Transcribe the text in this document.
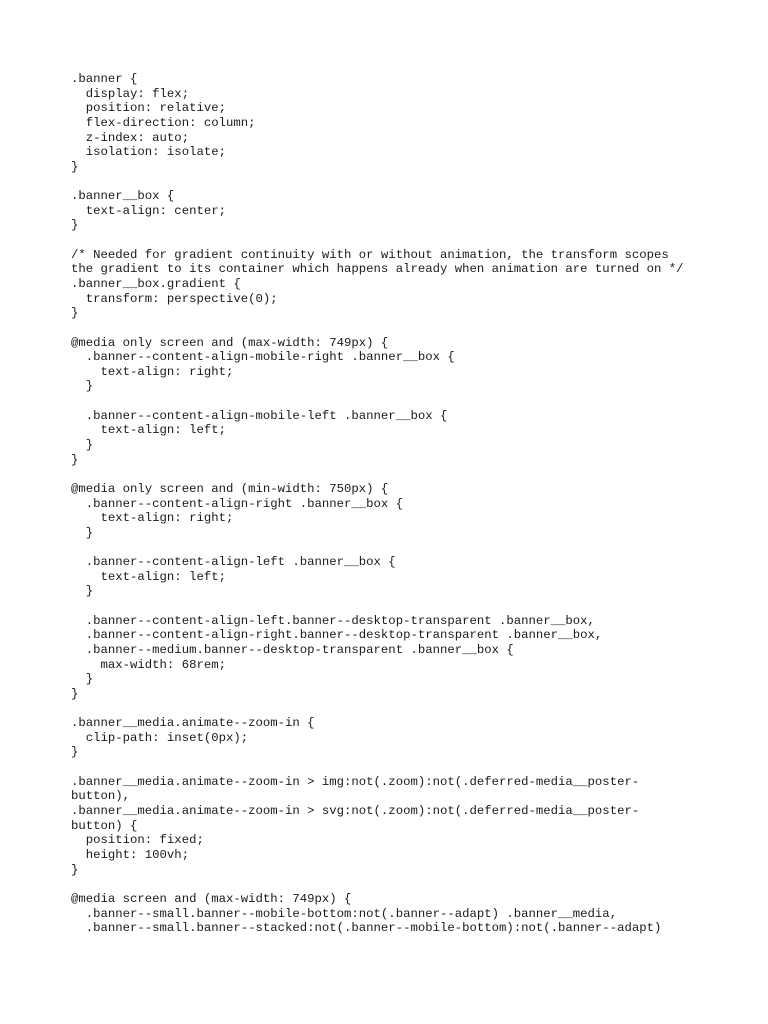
.banner {
display: flex;
position: relative;
flex-direction: column;
z-index: auto;
isolation: isolate;
}
.banner__box {
text-align: center;
}
/* Needed for gradient continuity with or without animation, the transform scopes
the gradient to its container which happens already when animation are turned on */
.banner__box.gradient {
transform: perspective(0);
}
@media only screen and (max-width: 749px) {
.banner--content-align-mobile-right .banner__box {
text-align: right;
}
.banner--content-align-mobile-left .banner__box {
text-align: left;
}
}
@media only screen and (min-width: 750px) {
.banner--content-align-right .banner__box {
text-align: right;
}
.banner--content-align-left .banner__box {
text-align: left;
}
.banner--content-align-left.banner--desktop-transparent .banner__box,
.banner--content-align-right.banner--desktop-transparent .banner__box,
.banner--medium.banner--desktop-transparent .banner__box {
max-width: 68rem;
}
}
.banner__media.animate--zoom-in {
clip-path: inset(0px);
}
.banner__media.animate--zoom-in > img:not(.zoom):not(.deferred-media__poster-
button),
.banner__media.animate--zoom-in > svg:not(.zoom):not(.deferred-media__poster-
button) {
position: fixed;
height: 100vh;
}
@media screen and (max-width: 749px) {
.banner--small.banner--mobile-bottom:not(.banner--adapt) .banner__media,
.banner--small.banner--stacked:not(.banner--mobile-bottom):not(.banner--adapt)
